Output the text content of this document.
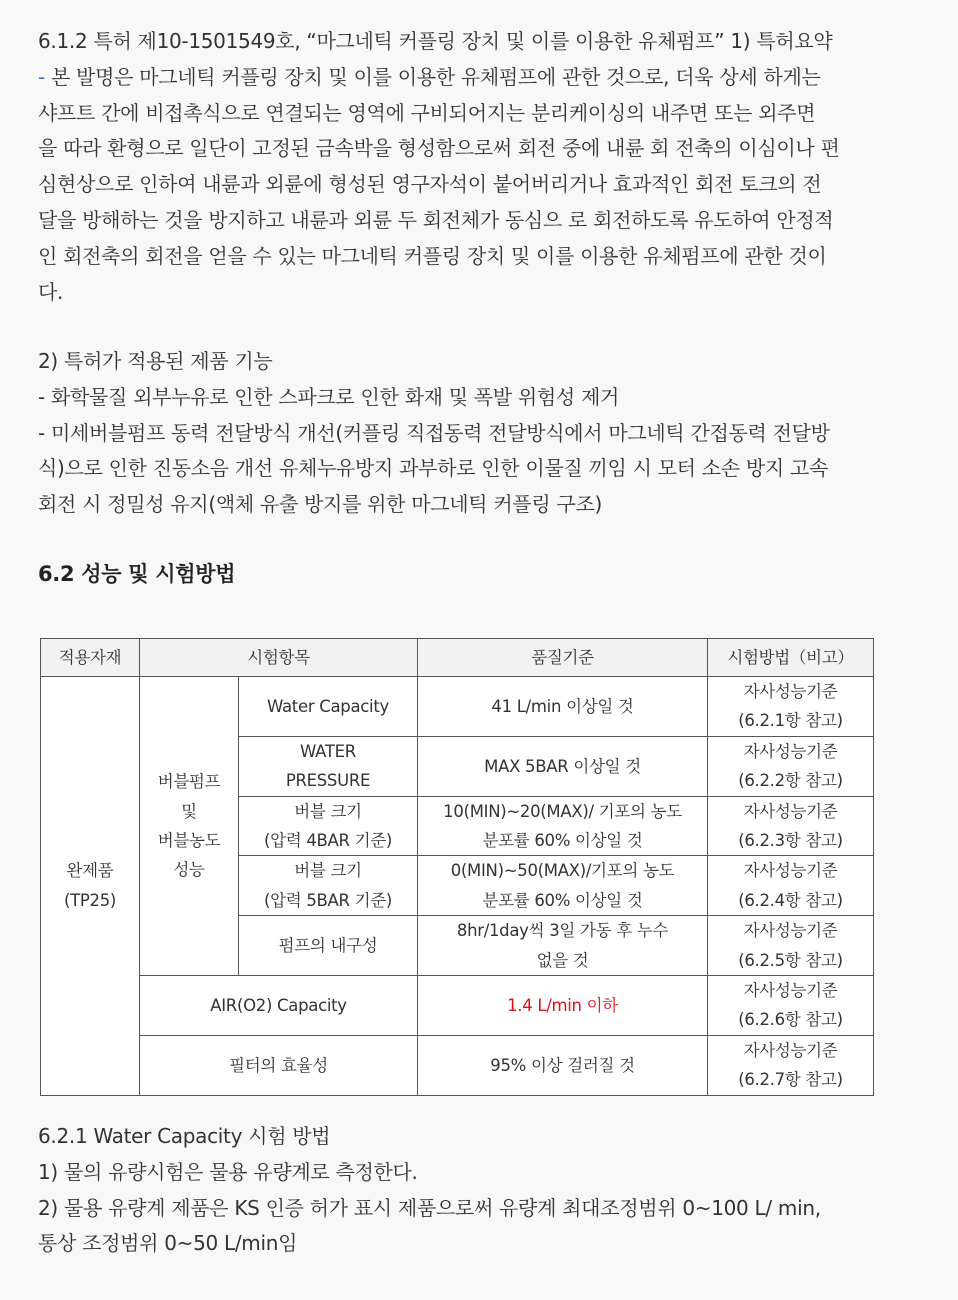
6.1.2 특허 제10-1501549호, “마그네틱 커플링 장치 및 이를 이용한 유체펌프” 1) 특허요약
- 본 발명은 마그네틱 커플링 장치 및 이를 이용한 유체펌프에 관한 것으로, 더욱 상세 하게는
샤프트 간에 비접촉식으로 연결되는 영역에 구비되어지는 분리케이싱의 내주면 또는 외주면
을 따라 환형으로 일단이 고정된 금속박을 형성함으로써 회전 중에 내륜 회 전축의 이심이나 편
심현상으로 인하여 내륜과 외륜에 형성된 영구자석이 붙어버리거나 효과적인 회전 토크의 전
달을 방해하는 것을 방지하고 내륜과 외륜 두 회전체가 동심으 로 회전하도록 유도하여 안정적
인 회전축의 회전을 얻을 수 있는 마그네틱 커플링 장치 및 이를 이용한 유체펌프에 관한 것이
다.

2) 특허가 적용된 제품 기능
- 화학물질 외부누유로 인한 스파크로 인한 화재 및 폭발 위험성 제거
- 미세버블펌프 동력 전달방식 개선(커플링 직접동력 전달방식에서 마그네틱 간접동력 전달방
식)으로 인한 진동소음 개선 유체누유방지 과부하로 인한 이물질 끼임 시 모터 소손 방지 고속
회전 시 정밀성 유지(액체 유출 방지를 위한 마그네틱 커플링 구조)

6.2 성능 및 시험방법
적용자재	시험항목		품질기준	시험방법（비고）

완제품
(TP25)	버블펌프
및
버블농도
성능	Water Capacity	41 L/min 이상일 것	자사성능기준
(6.2.1항 참고)

		WATER
PRESSURE	MAX 5BAR 이상일 것	자사성능기준
(6.2.2항 참고)

		버블 크기
(압력 4BAR 기준)	10(MIN)~20(MAX)/ 기포의 농도
분포률 60% 이상일 것	자사성능기준
(6.2.3항 참고)

		버블 크기
(압력 5BAR 기준)	0(MIN)~50(MAX)/기포의 농도
분포률 60% 이상일 것	자사성능기준
(6.2.4항 참고)

		펌프의 내구성	8hr/1day씩 3일 가동 후 누수
없을 것	자사성능기준
(6.2.5항 참고)

	AIR(O2) Capacity		1.4 L/min 이하	자사성능기준
(6.2.6항 참고)

	필터의 효율성		95% 이상 걸러질 것	자사성능기준
(6.2.7항 참고)

6.2.1 Water Capacity 시험 방법
1) 물의 유량시험은 물용 유량계로 측정한다.
2) 물용 유량계 제품은 KS 인증 허가 표시 제품으로써 유량계 최대조정범위 0~100 L/ min,
통상 조정범위 0~50 L/min임
